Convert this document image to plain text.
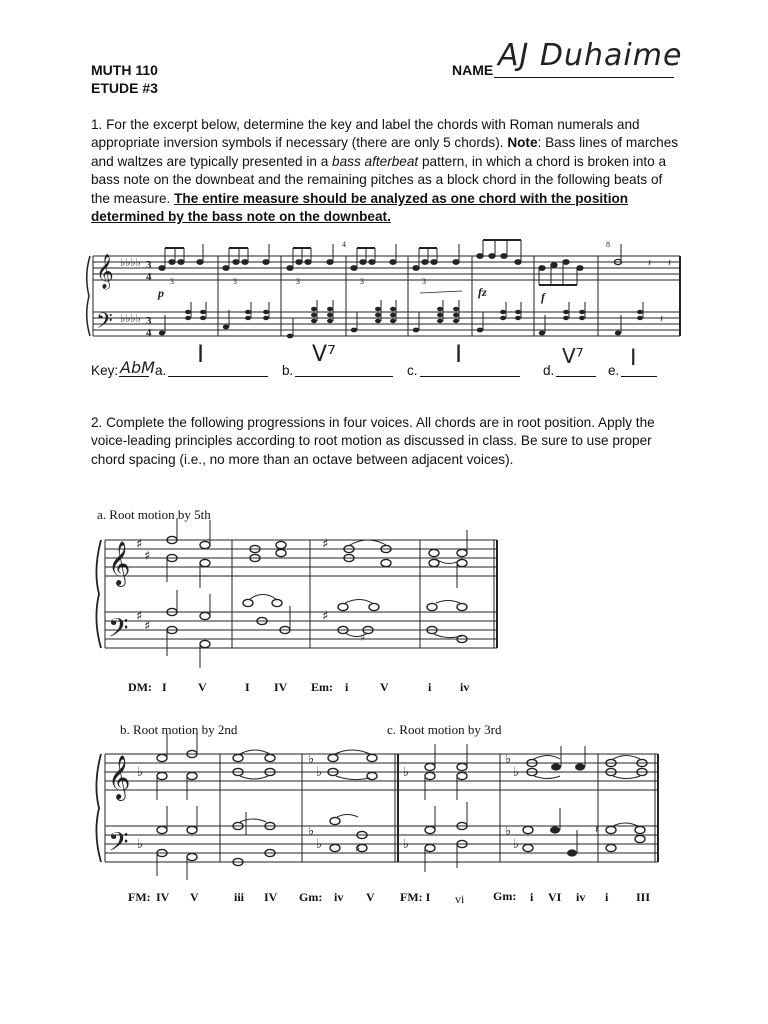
MUTH 110
ETUDE #3
NAME AJ Duhaime
1. For the excerpt below, determine the key and label the chords with Roman numerals and appropriate inversion symbols if necessary (there are only 5 chords). Note: Bass lines of marches and waltzes are typically presented in a bass afterbeat pattern, in which a chord is broken into a bass note on the downbeat and the remaining pitches as a block chord in the following beats of the measure. The entire measure should be analyzed as one chord with the position determined by the bass note on the downbeat.
𝄞
𝄢
♭♭♭♭
♭♭♭♭
3
4
3
4
3	3	3	3	3
4	8
𝄽 𝄽
p	fz	f
𝄽
Key: AbM a.
I
b.
V⁷
c.
I
d.
V⁷
e. I
2. Complete the following progressions in four voices. All chords are in root position. Apply the voice-leading principles according to root motion as discussed in class. Be sure to use proper chord spacing (i.e., no more than an octave between adjacent voices).
a. Root motion by 5th
𝄞
𝄢
♯
♯
♯
♯
♯
♯
♯
DM: I	V	I IV Em: i	V	i iv
b. Root motion by 2nd	c. Root motion by 3rd
𝄞
𝄢
♭
♭
♭
♭
♭
♭
♭
♭
♭
♭
♭
♭
♯
𝄽
FM: IV V	iii IV Gm: iv V FM: I vi Gm: i VI iv i III
